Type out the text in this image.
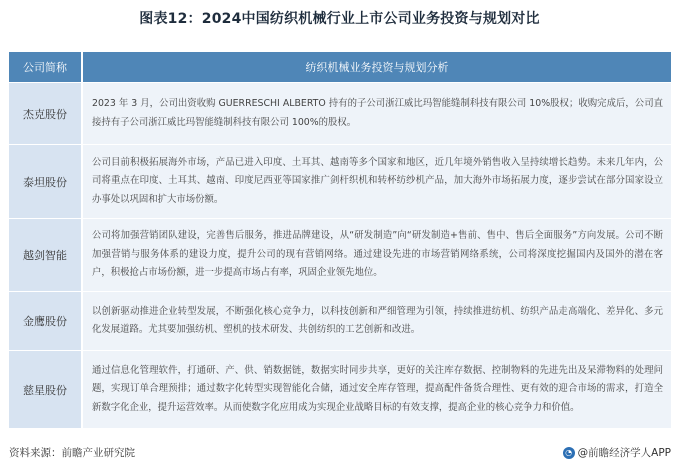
图表12：2024中国纺织机械行业上市公司业务投资与规划对比
公司简称	纺织机械业务投资与规划分析
杰克股份	2023 年 3 月，公司出资收购 GUERRESCHI ALBERTO 持有的子公司浙江威比玛智能缝制科技有限公司 10%股权；收购完成后，公司直接持有子公司浙江威比玛智能缝制科技有限公司 100%的股权。
泰坦股份	公司目前积极拓展海外市场，产品已进入印度、土耳其、越南等多个国家和地区，近几年境外销售收入呈持续增长趋势。未来几年内，公司将重点在印度、土耳其、越南、印度尼西亚等国家推广剑杆织机和转杯纺纱机产品，加大海外市场拓展力度，逐步尝试在部分国家设立办事处以巩固和扩大市场份额。
越剑智能	公司将加强营销团队建设，完善售后服务，推进品牌建设，从“研发制造”向“研发制造+售前、售中、售后全面服务”方向发展。公司不断加强营销与服务体系的建设力度，提升公司的现有营销网络。通过建设先进的市场营销网络系统，公司将深度挖掘国内及国外的潜在客户，积极抢占市场份额，进一步提高市场占有率，巩固企业领先地位。
金鹰股份	以创新驱动推进企业转型发展，不断强化核心竞争力，以科技创新和严细管理为引领，持续推进纺机、纺织产品走高端化、差异化、多元化发展道路。尤其要加强纺机、塑机的技术研发、共创纺织的工艺创新和改进。
慈星股份	通过信息化管理软件，打通研、产、供、销数据链，数据实时同步共享，更好的关注库存数据、控制物料的先进先出及呆滞物料的处理问题，实现订单合理预排；通过数字化转型实现智能化合储，通过安全库存管理，提高配件备货合理性、更有效的迎合市场的需求，打造全新数字化企业，提升运营效率。从而使数字化应用成为实现企业战略目标的有效支撑，提高企业的核心竞争力和价值。
资料来源：前瞻产业研究院	◔ @前瞻经济学人APP
